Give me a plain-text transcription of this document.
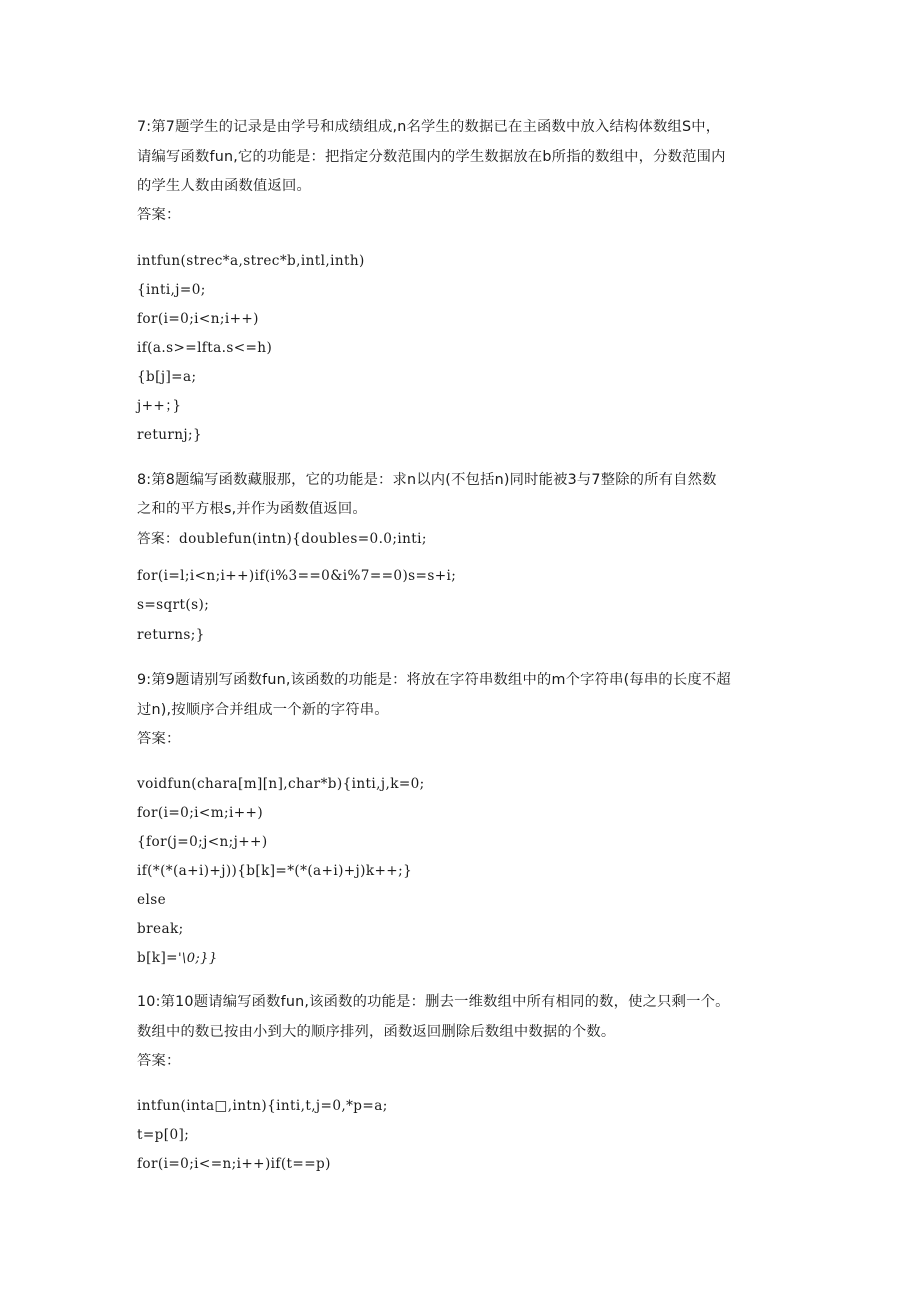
7:第7题学生的记录是由学号和成绩组成,n名学生的数据已在主函数中放入结构体数组S中，
请编写函数fun,它的功能是：把指定分数范围内的学生数据放在b所指的数组中，分数范围内
的学生人数由函数值返回。
答案：
intfun(strec*a,strec*b,intl,inth)
{inti,j=0;
for(i=0;i<n;i++)
if(a.s>=lfta.s<=h)
{b[j]=a;
j++；}
returnj;}
8:第8题编写函数藏服那，它的功能是：求n以内(不包括n)同时能被3与7整除的所有自然数
之和的平方根s,并作为函数值返回。
答案：doublefun(intn){doubles=0.0;inti;
for(i=l;i<n;i++)if(i%3==0&i%7==0)s=s+i;
s=sqrt(s);
returns;}
9:第9题请别写函数fun,该函数的功能是：将放在字符串数组中的m个字符串(每串的长度不超
过n),按顺序合并组成一个新的字符串。
答案：
voidfun(chara[m][n],char*b){inti,j,k=0;
for(i=0;i<m;i++)
{for(j=0;j<n;j++)
if(*(*(a+i)+j)){b[k]=*(*(a+i)+j)k++;}
else
break;
b[k]='\0;}}
10:第10题请编写函数fun,该函数的功能是：删去一维数组中所有相同的数，使之只剩一个。
数组中的数已按由小到大的顺序排列，函数返回删除后数组中数据的个数。
答案：
intfun(inta□,intn){inti,t,j=0,*p=a;
t=p[0];
for(i=0;i<=n;i++)if(t==p)
